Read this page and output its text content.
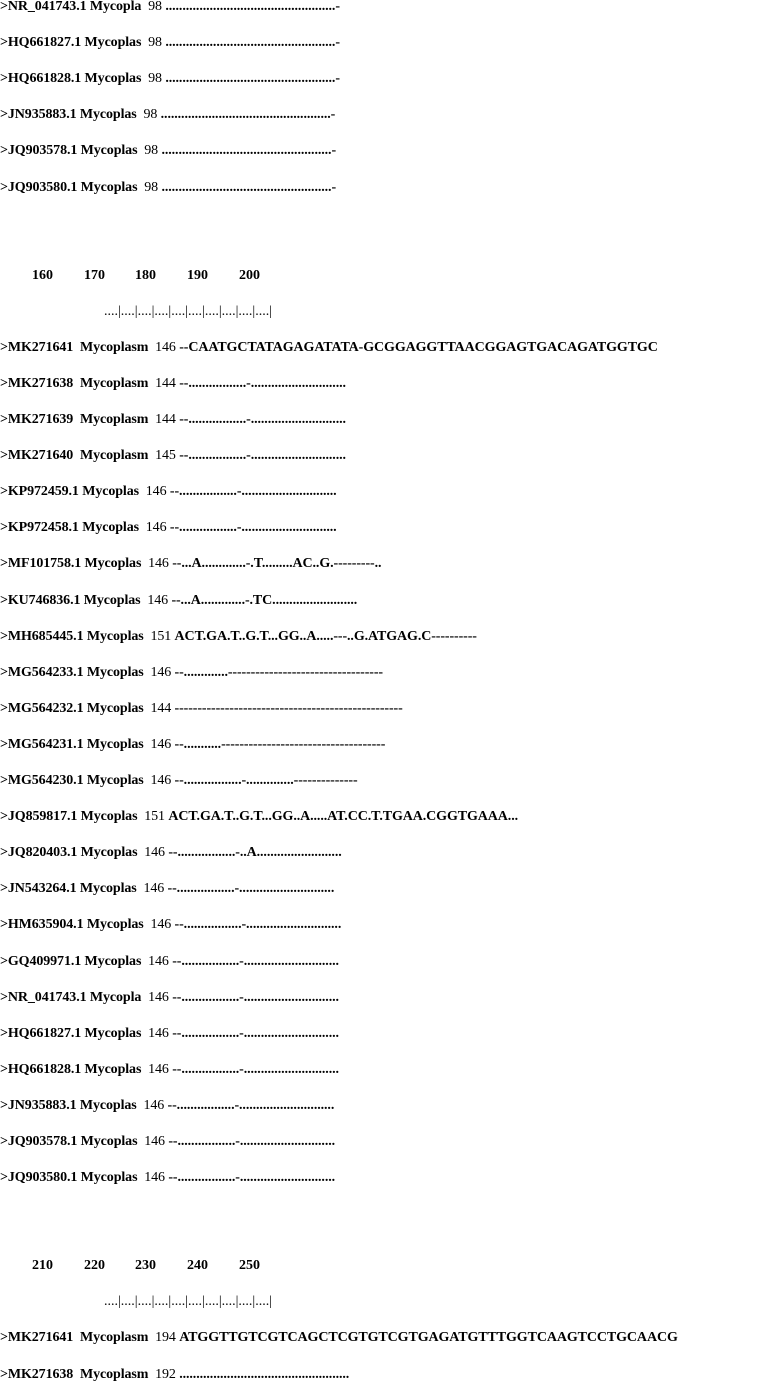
>NR_041743.1 Mycopla  98 ..................................................-
>HQ661827.1 Mycoplas  98 ..................................................-
>HQ661828.1 Mycoplas  98 ..................................................-
>JN935883.1 Mycoplas  98 ..................................................-
>JQ903578.1 Mycoplas  98 ..................................................-
>JQ903580.1 Mycoplas  98 ..................................................-
160 170 180 190 200
....|....|....|....|....|....|....|....|....|....|
>MK271641  Mycoplasm  146 --CAATGCTATAGAGATATA-GCGGAGGTTAACGGAGTGACAGATGGTGC
>MK271638  Mycoplasm  144 --.................-............................
>MK271639  Mycoplasm  144 --.................-............................
>MK271640  Mycoplasm  145 --.................-............................
>KP972459.1 Mycoplas  146 --.................-............................
>KP972458.1 Mycoplas  146 --.................-............................
>MF101758.1 Mycoplas  146 --...A.............-.T.........AC..G.---------..
>KU746836.1 Mycoplas  146 --...A.............-.TC.........................
>MH685445.1 Mycoplas  151 ACT.GA.T..G.T...GG..A.....---..G.ATGAG.C----------
>MG564233.1 Mycoplas  146 --.............----------------------------------
>MG564232.1 Mycoplas  144 --------------------------------------------------
>MG564231.1 Mycoplas  146 --...........------------------------------------
>MG564230.1 Mycoplas  146 --.................-..............--------------
>JQ859817.1 Mycoplas  151 ACT.GA.T..G.T...GG..A.....AT.CC.T.TGAA.CGGTGAAA...
>JQ820403.1 Mycoplas  146 --.................-..A.........................
>JN543264.1 Mycoplas  146 --.................-............................
>HM635904.1 Mycoplas  146 --.................-............................
>GQ409971.1 Mycoplas  146 --.................-............................
>NR_041743.1 Mycopla  146 --.................-............................
>HQ661827.1 Mycoplas  146 --.................-............................
>HQ661828.1 Mycoplas  146 --.................-............................
>JN935883.1 Mycoplas  146 --.................-............................
>JQ903578.1 Mycoplas  146 --.................-............................
>JQ903580.1 Mycoplas  146 --.................-............................
210 220 230 240 250
....|....|....|....|....|....|....|....|....|....|
>MK271641  Mycoplasm  194 ATGGTTGTCGTCAGCTCGTGTCGTGAGATGTTTGGTCAAGTCCTGCAACG
>MK271638  Mycoplasm  192 ..................................................
